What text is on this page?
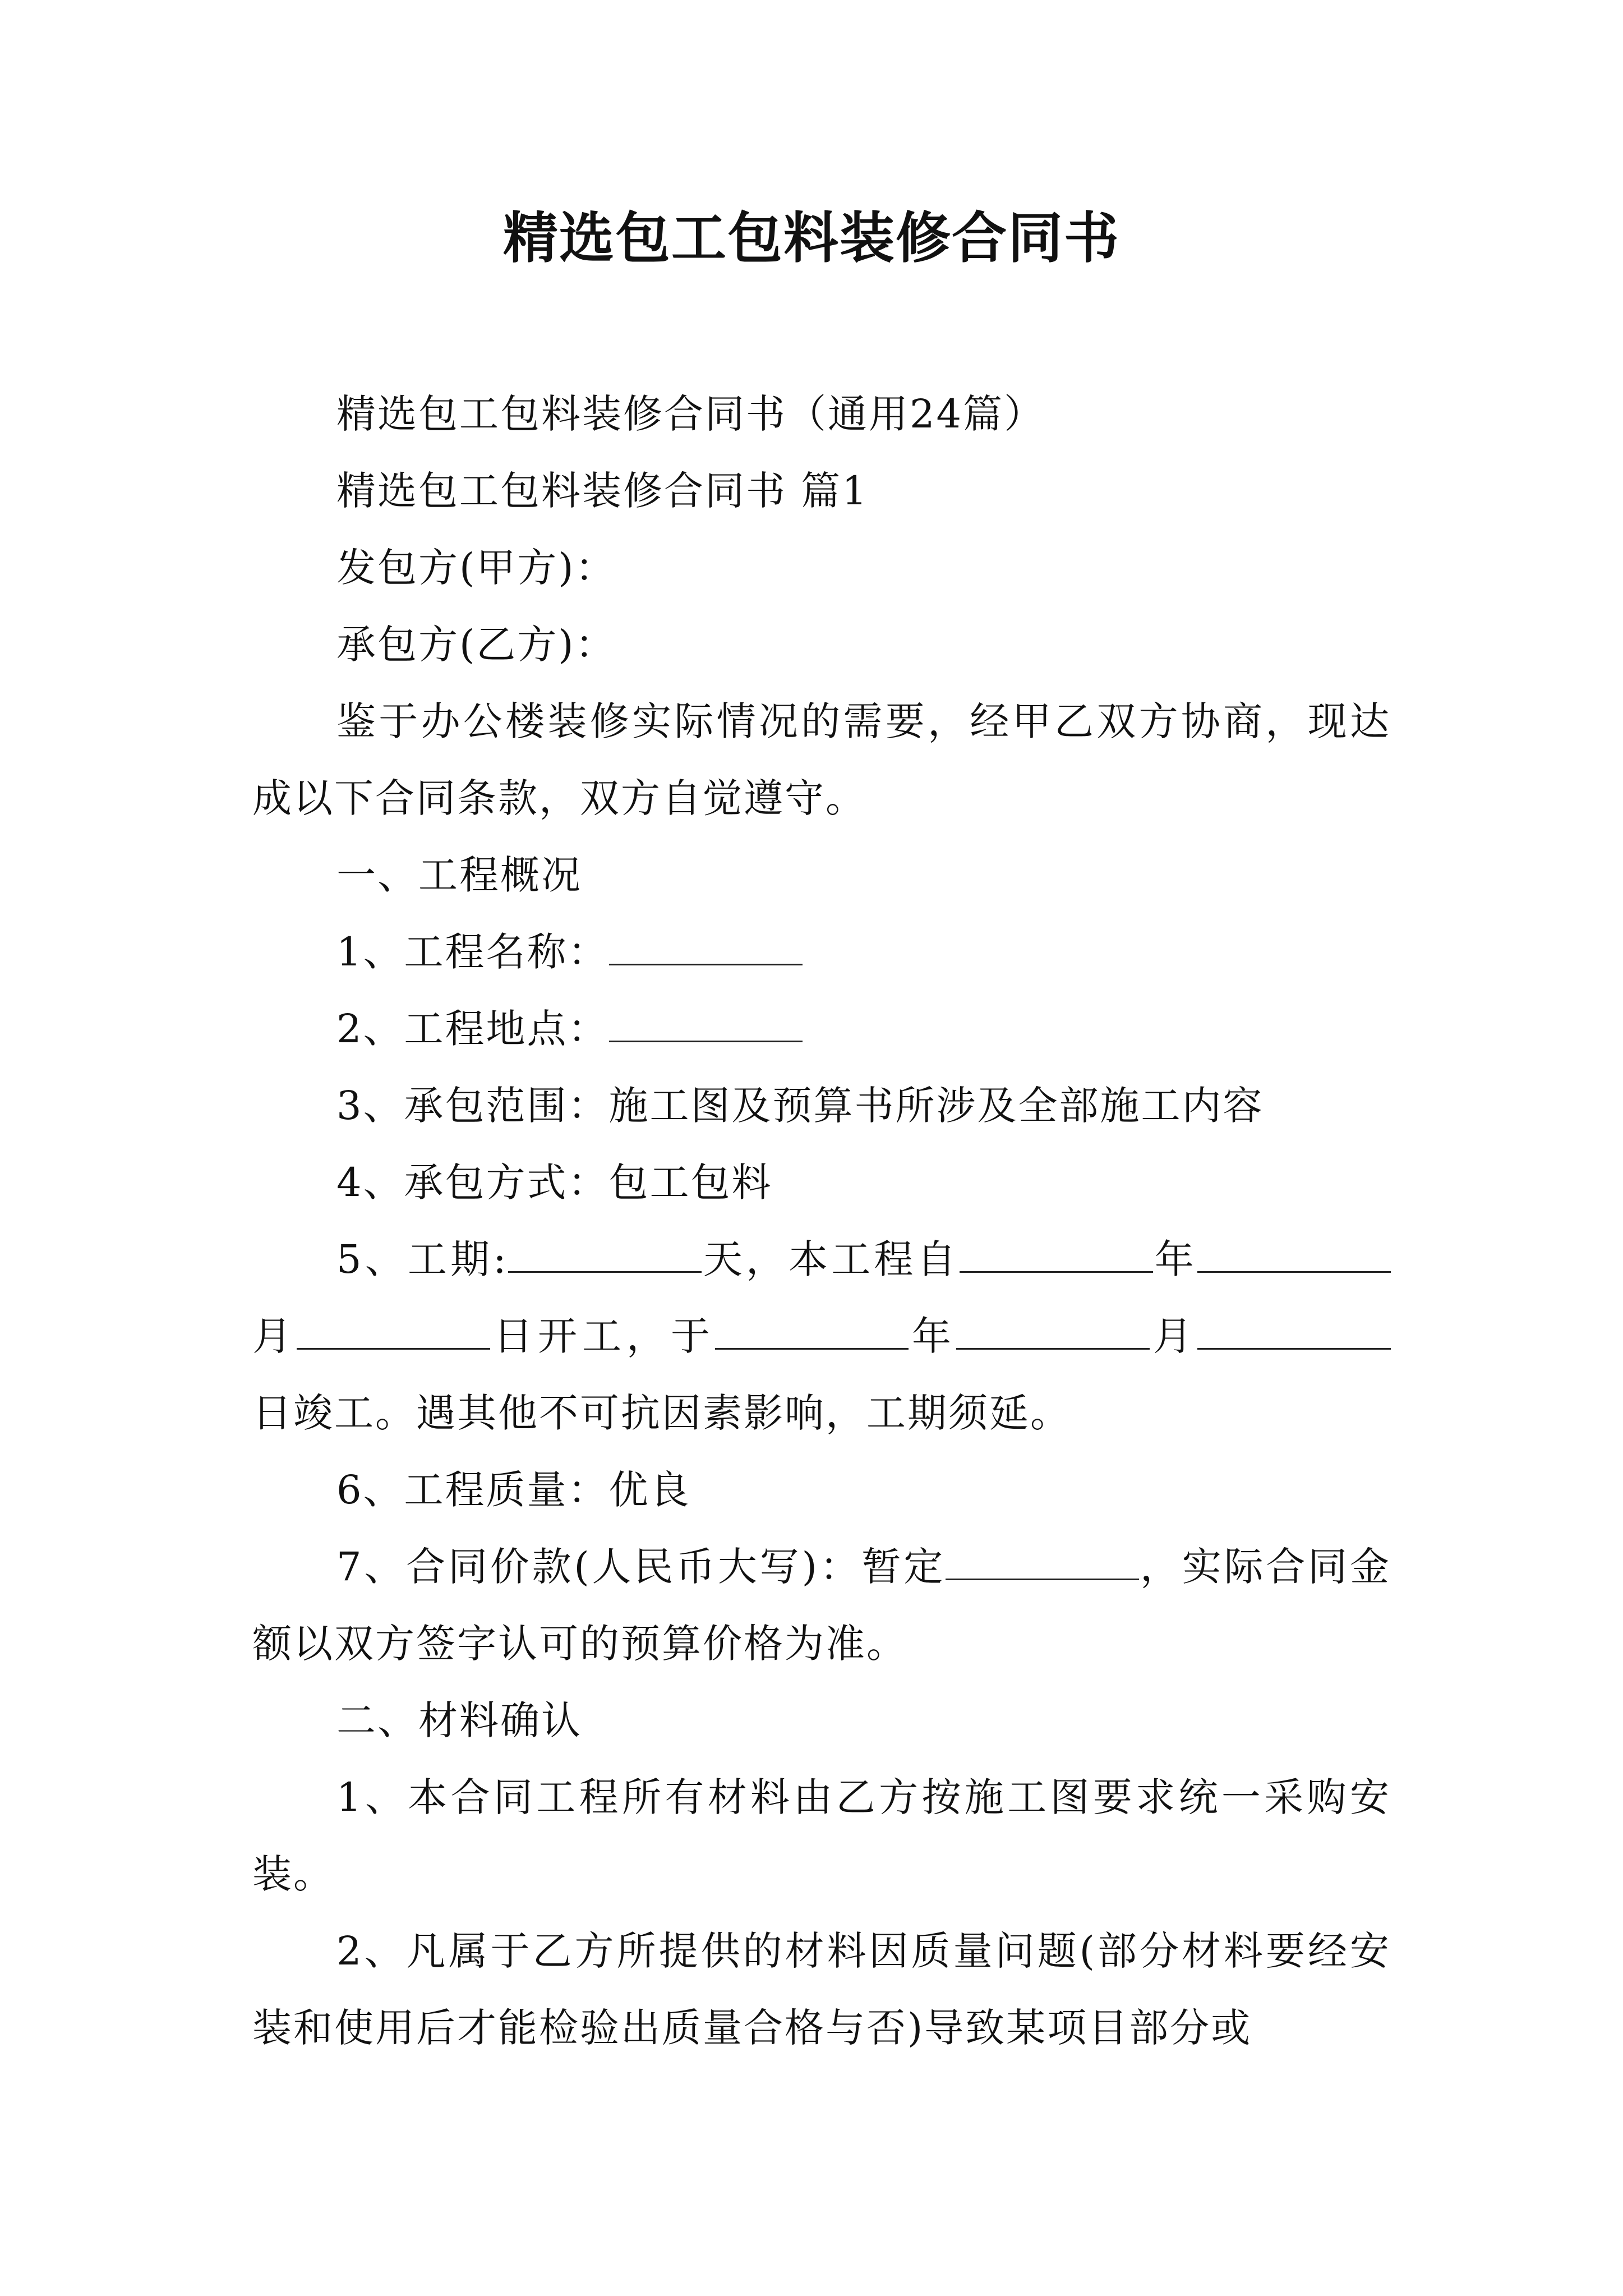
精选包工包料装修合同书

精选包工包料装修合同书（通用24篇）

精选包工包料装修合同书 篇1

发包方(甲方)：

承包方(乙方)：

鉴于办公楼装修实际情况的需要，经甲乙双方协商，现达成以下合同条款，双方自觉遵守。

一、工程概况

1、工程名称：

2、工程地点：

3、承包范围：施工图及预算书所涉及全部施工内容

4、承包方式：包工包料

5、工期:	天，本工程自	年月	日开工，于	年	月日竣工。遇其他不可抗因素影响，工期须延。

6、工程质量：优良

7、合同价款(人民币大写)：暂定	，实际合同金额以双方签字认可的预算价格为准。

二、材料确认

1、本合同工程所有材料由乙方按施工图要求统一采购安装。

2、凡属于乙方所提供的材料因质量问题(部分材料要经安装和使用后才能检验出质量合格与否)导致某项目部分或
